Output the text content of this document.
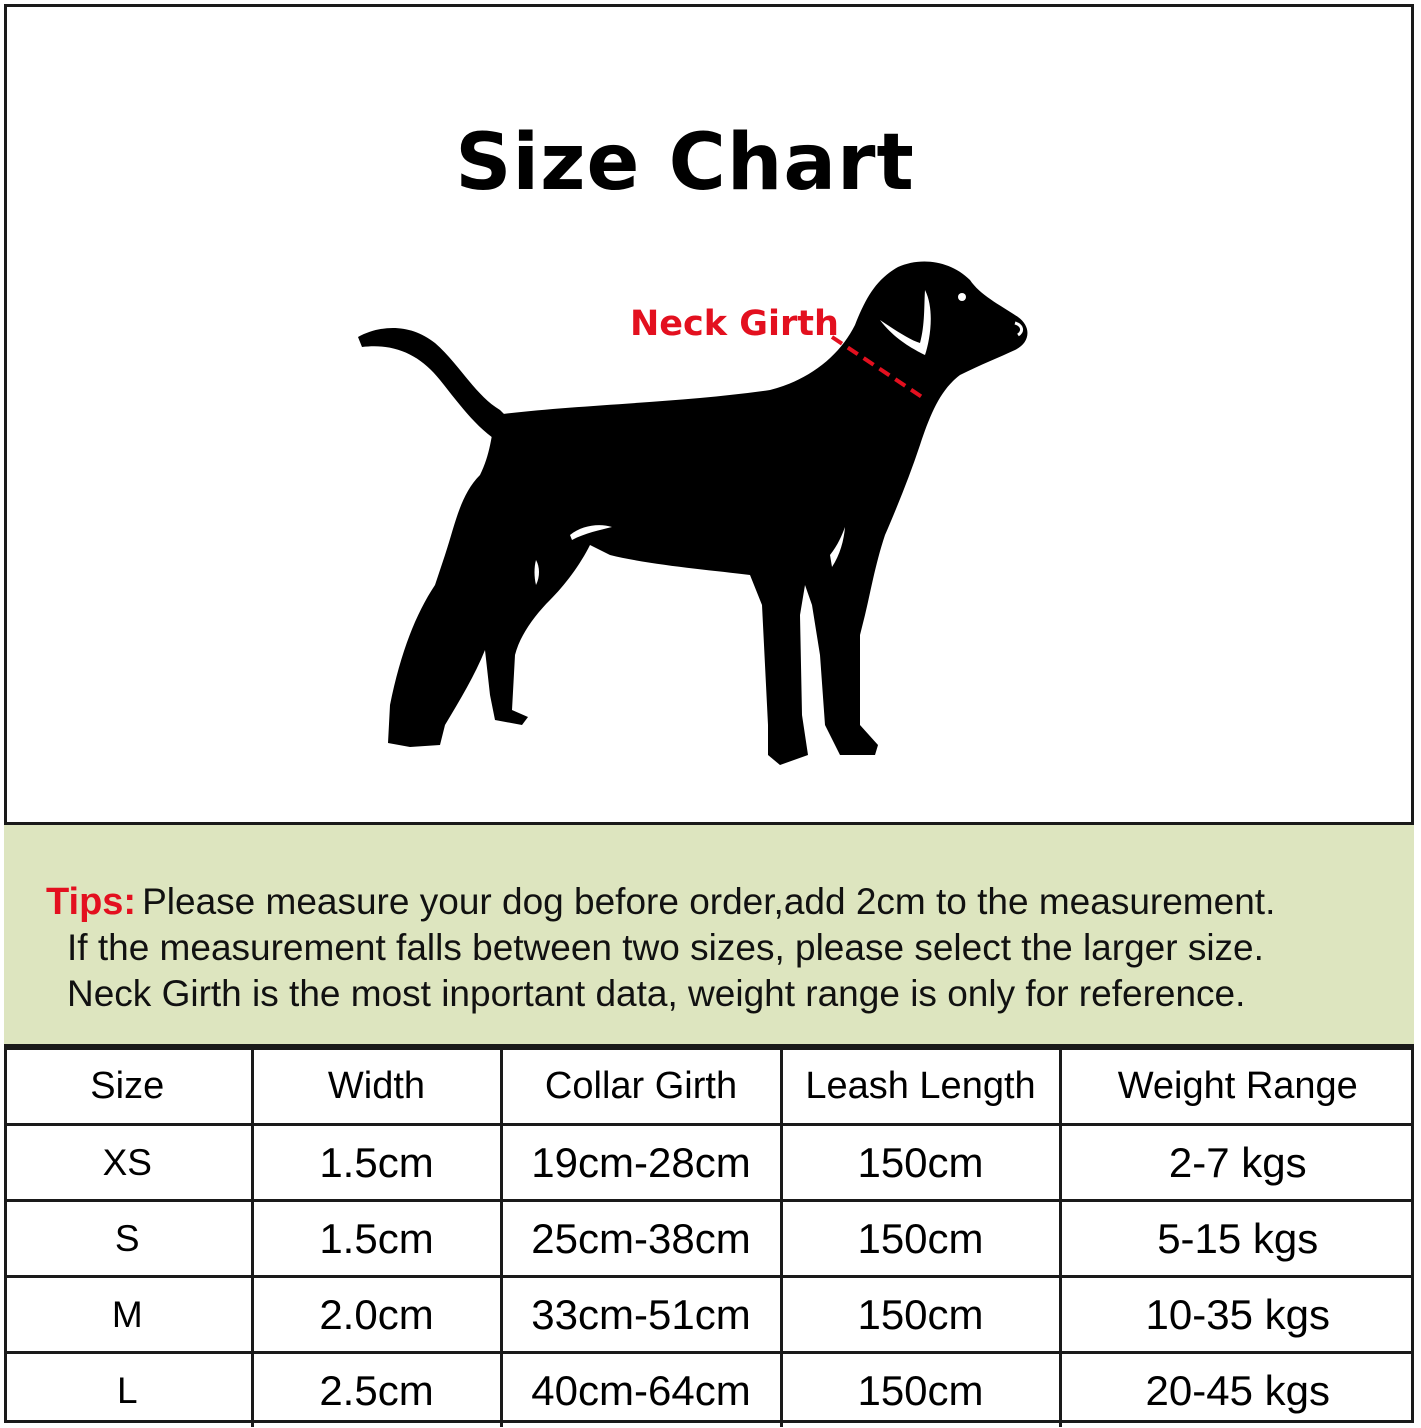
Size Chart
Neck Girth
Tips: Please measure your dog before order,add 2cm to the measurement.
If the measurement falls between two sizes, please select the larger size.
Neck Girth is the most inportant data, weight range is only for reference.
Size	Width	Collar Girth	Leash Length	Weight Range
XS	1.5cm	19cm-28cm	150cm	2-7 kgs
S	1.5cm	25cm-38cm	150cm	5-15 kgs
M	2.0cm	33cm-51cm	150cm	10-35 kgs
L	2.5cm	40cm-64cm	150cm	20-45 kgs
